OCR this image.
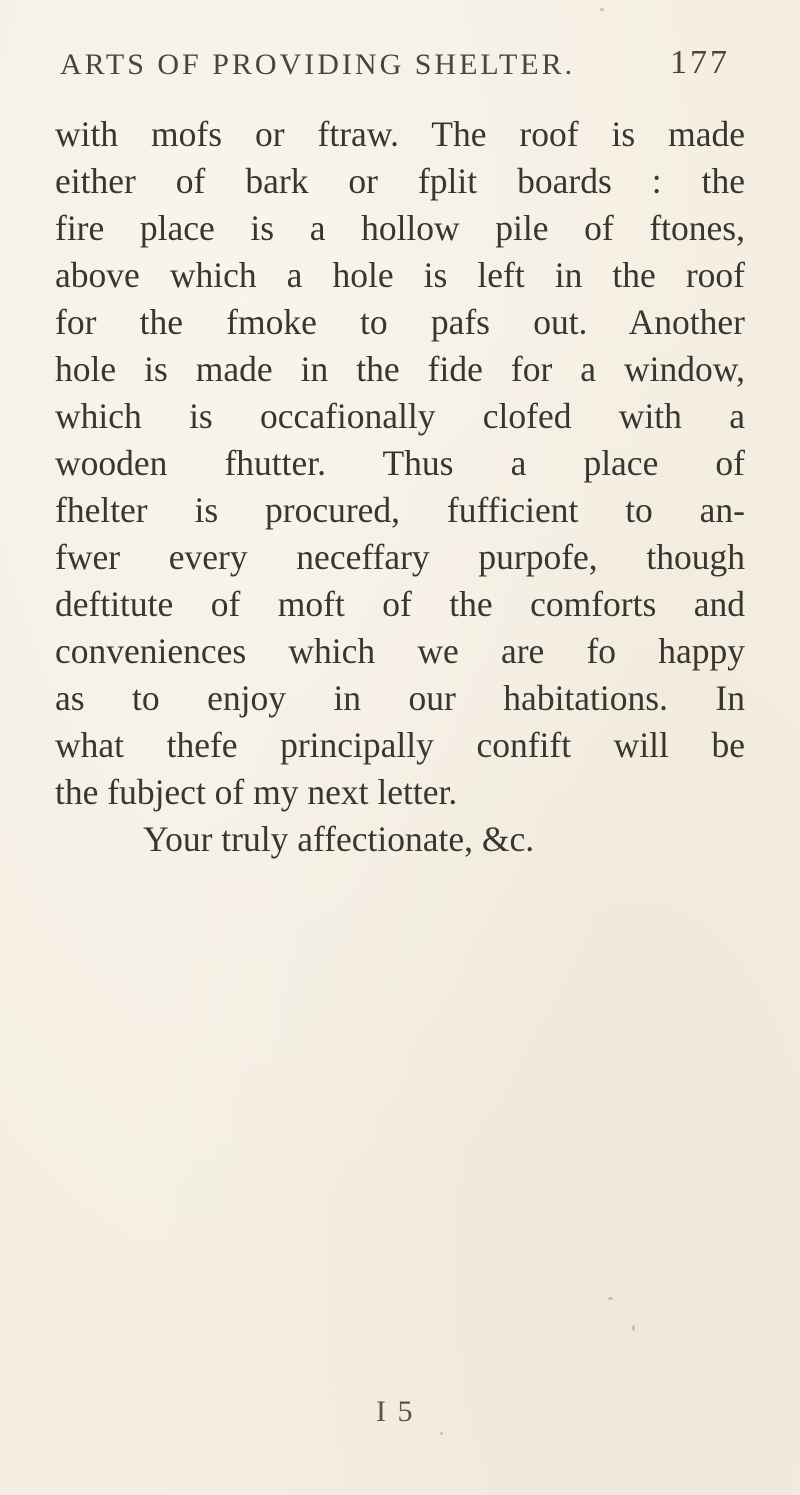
ARTS OF PROVIDING SHELTER.	177
with mofs or ftraw. The roof is made
either of bark or fplit boards : the
fire place is a hollow pile of ftones,
above which a hole is left in the roof
for the fmoke to pafs out. Another
hole is made in the fide for a window,
which is occafionally clofed with a
wooden fhutter. Thus a place of
fhelter is procured, fufficient to an-
fwer every neceffary purpofe, though
deftitute of moft of the comforts and
conveniences which we are fo happy
as to enjoy in our habitations. In
what thefe principally confift will be
the fubject of my next letter.
Your truly affectionate, &c.
I 5
